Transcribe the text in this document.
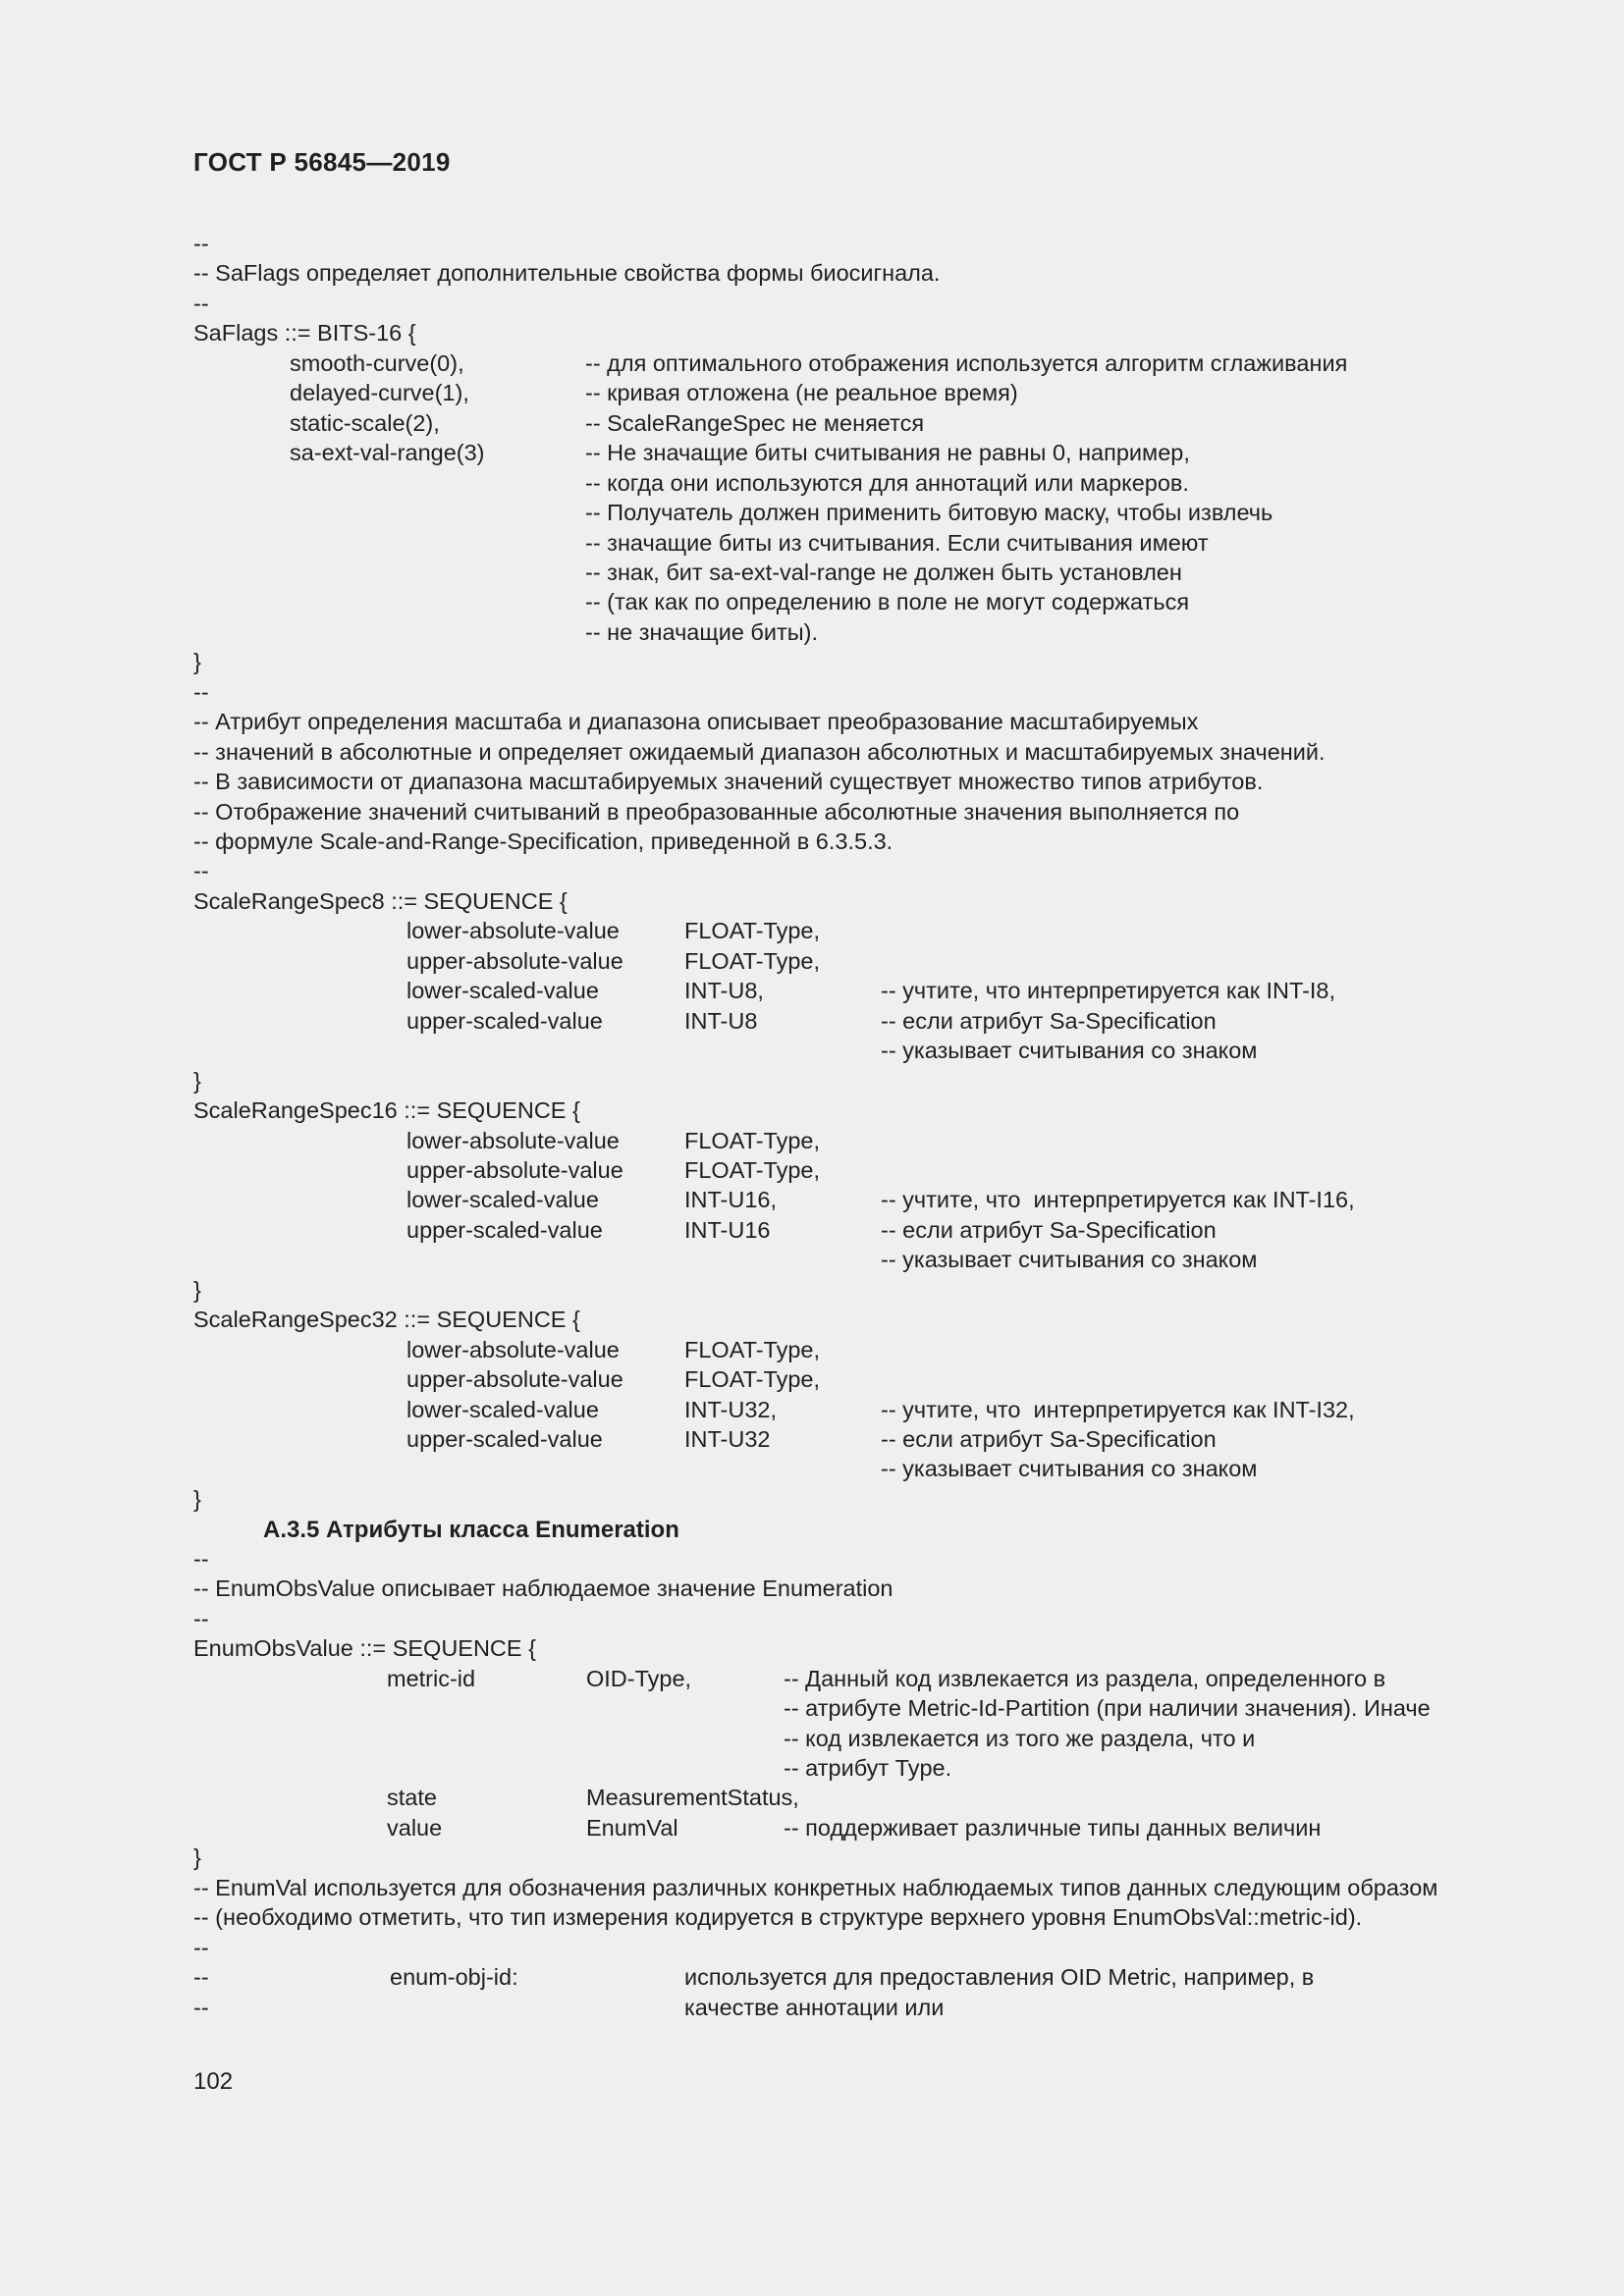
ГОСТ Р 56845—2019
--
-- SaFlags определяет дополнительные свойства формы биосигнала.
--
SaFlags ::= BITS-16 {
smooth-curve(0),	-- для оптимального отображения используется алгоритм сглаживания
delayed-curve(1),	-- кривая отложена (не реальное время)
static-scale(2),	-- ScaleRangeSpec не меняется
sa-ext-val-range(3)	-- Не значащие биты считывания не равны 0, например,
-- когда они используются для аннотаций или маркеров.
-- Получатель должен применить битовую маску, чтобы извлечь
-- значащие биты из считывания. Если считывания имеют
-- знак, бит sa-ext-val-range не должен быть установлен
-- (так как по определению в поле не могут содержаться
-- не значащие биты).
}
--
-- Атрибут определения масштаба и диапазона описывает преобразование масштабируемых
-- значений в абсолютные и определяет ожидаемый диапазон абсолютных и масштабируемых значений.
-- В зависимости от диапазона масштабируемых значений существует множество типов атрибутов.
-- Отображение значений считываний в преобразованные абсолютные значения выполняется по
-- формуле Scale-and-Range-Specification, приведенной в 6.3.5.3.
--
ScaleRangeSpec8 ::= SEQUENCE {
lower-absolute-value	FLOAT-Type,
upper-absolute-value	FLOAT-Type,
lower-scaled-value	INT-U8,	-- учтите, что интерпретируется как INT-I8,
upper-scaled-value	INT-U8	-- если атрибут Sa-Specification
-- указывает считывания со знаком
}
ScaleRangeSpec16 ::= SEQUENCE {
lower-absolute-value	FLOAT-Type,
upper-absolute-value	FLOAT-Type,
lower-scaled-value	INT-U16,	-- учтите, что  интерпретируется как INT-I16,
upper-scaled-value	INT-U16	-- если атрибут Sa-Specification
-- указывает считывания со знаком
}
ScaleRangeSpec32 ::= SEQUENCE {
lower-absolute-value	FLOAT-Type,
upper-absolute-value	FLOAT-Type,
lower-scaled-value	INT-U32,	-- учтите, что  интерпретируется как INT-I32,
upper-scaled-value	INT-U32	-- если атрибут Sa-Specification
-- указывает считывания со знаком
}
--
-- EnumObsValue описывает наблюдаемое значение Enumeration
--
EnumObsValue ::= SEQUENCE {
metric-id	OID-Type,	-- Данный код извлекается из раздела, определенного в
-- атрибуте Metric-Id-Partition (при наличии значения). Иначе
-- код извлекается из того же раздела, что и
-- атрибут Type.
state	MeasurementStatus,
value	EnumVal	-- поддерживает различные типы данных величин
}
-- EnumVal используется для обозначения различных конкретных наблюдаемых типов данных следующим образом
-- (необходимо отметить, что тип измерения кодируется в структуре верхнего уровня EnumObsVal::metric-id).
--
--	enum-obj-id:	используется для предоставления OID Metric, например, в
--	качестве аннотации или
А.3.5 Атрибуты класса Enumeration
102
